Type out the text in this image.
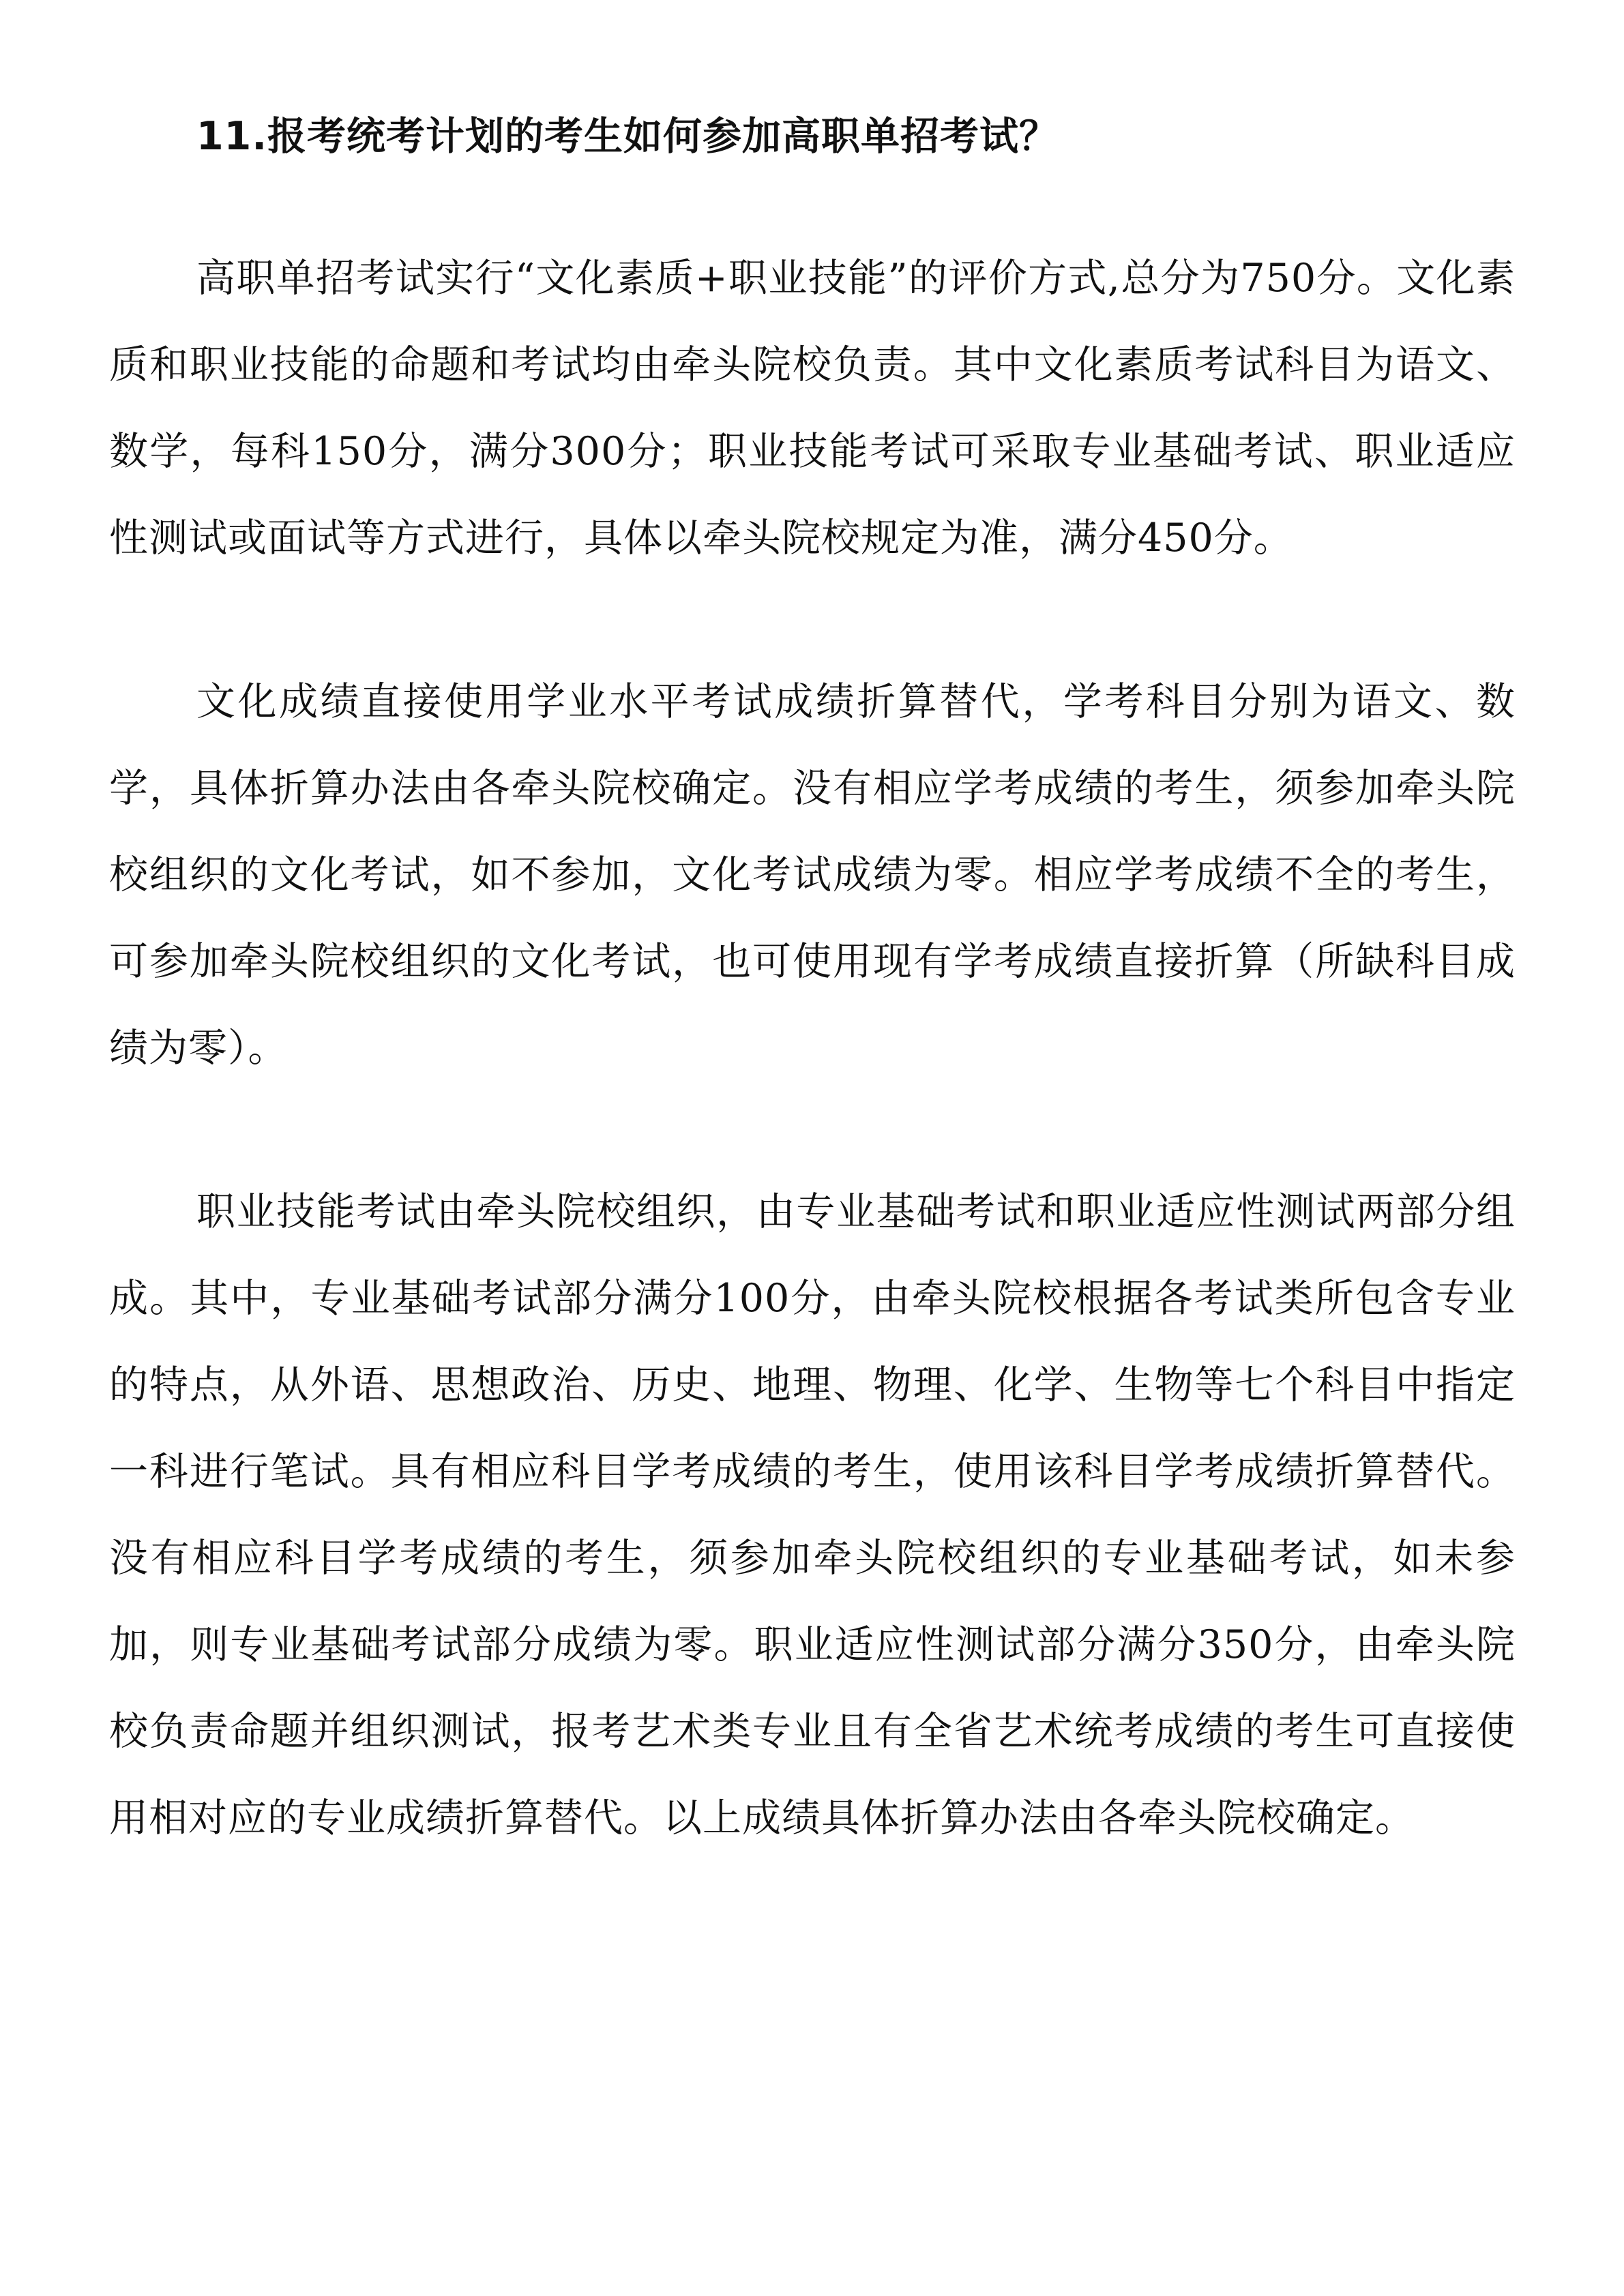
11.报考统考计划的考生如何参加高职单招考试？

高职单招考试实行“文化素质+职业技能”的评价方式,总分为750分。文化素质和职业技能的命题和考试均由牵头院校负责。其中文化素质考试科目为语文、数学，每科150分，满分300分；职业技能考试可采取专业基础考试、职业适应性测试或面试等方式进行，具体以牵头院校规定为准，满分450分。

文化成绩直接使用学业水平考试成绩折算替代，学考科目分别为语文、数学，具体折算办法由各牵头院校确定。没有相应学考成绩的考生，须参加牵头院校组织的文化考试，如不参加，文化考试成绩为零。相应学考成绩不全的考生，可参加牵头院校组织的文化考试，也可使用现有学考成绩直接折算（所缺科目成绩为零）。

职业技能考试由牵头院校组织，由专业基础考试和职业适应性测试两部分组成。其中，专业基础考试部分满分100分，由牵头院校根据各考试类所包含专业的特点，从外语、思想政治、历史、地理、物理、化学、生物等七个科目中指定一科进行笔试。具有相应科目学考成绩的考生，使用该科目学考成绩折算替代。没有相应科目学考成绩的考生，须参加牵头院校组织的专业基础考试，如未参加，则专业基础考试部分成绩为零。职业适应性测试部分满分350分，由牵头院校负责命题并组织测试，报考艺术类专业且有全省艺术统考成绩的考生可直接使用相对应的专业成绩折算替代。以上成绩具体折算办法由各牵头院校确定。
